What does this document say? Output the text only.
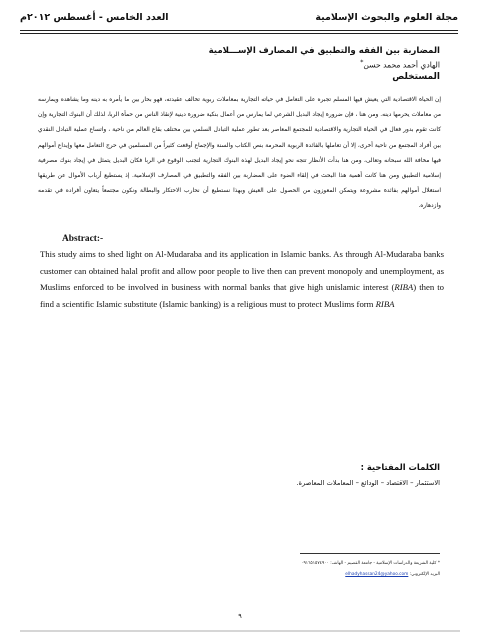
مجلة العلوم والبحوث الإسلامية
العدد الخامس - أغسطس ٢٠١٢م
المضاربة بين الفقه والتطبيق في المصارف الإســـلامية
الهادي أحمد محمد حسن*
المستخلص
إن الحياة الاقتصادية التي يعيش فيها المسلم تجبره على التعامل في حياته التجارية بمعاملات ربوية تخالف عقيدته، فهو بحار بين ما يأمره به دينه وما يشاهده ويمارسه من معاملات يحرمها دينه. ومن هنا ، فإن ضرورة إيجاد البديل الشرعي لما يمارس من أعمال بنكية ضرورة دينية لإنقاذ الناس من حمأة الربا، لذلك أن البنوك التجارية وإن كانت تقوم بدور فعال في الحياة التجارية والاقتصادية للمجتمع المعاصر بعد تطور عملية التبادل السلمي بين مختلف بقاع العالم من ناحية ، واتساع عملية التبادل النقدي بين أفراد المجتمع من ناحية أخرى، إلا أن تعاملها بالفائدة الربوية المحرمة بنص الكتاب والسنة والإجماع أوقعت كثيراً من المسلمين في حرج التعامل معها وإيداع أموالهم فيها مخافة الله سبحانه وتعالى، ومن هنا بدأت الأنظار تتجه نحو إيجاد البديل لهذه البنوك التجارية لتجنب الوقوع في الربا فكان البديل يتمثل في إيجاد بنوك مصرفية إسلامية التطبيق ومن هنا كانت أهمية هذا البحث في إلقاء الضوء على المضاربة بين الفقه والتطبيق في المصارف الإسلامية. إذ يستطيع أرباب الأموال عن طريقها استغلال أموالهم بفائدة مشروعة ويتمكن المعوزون من الحصول على العيش وبهذا نستطيع أن نحارب الاحتكار والبطالة ونكون مجتمعاً يتعاون أفراده في تقدمه وازدهاره.
Abstract:-
This study aims to shed light on Al-Mudaraba and its application in Islamic banks. As through Al-Mudaraba banks customer can obtained halal profit and allow poor people to live then can prevent monopoly and unemployment, as Muslims enforced to be involved in business with normal banks that give high unislamic interest (RIBA) then to find a scientific Islamic substitute (Islamic banking) is a religious must to protect Muslims form RIBA
الكلمات المفتاحية :
الاستثمار – الاقتصاد – الودائع – المعاملات المعاصرة.
* كلية الشريعة والدراسات الإسلامية - جامعة القصيم - الهاتف: ٠٩١٦٥١٥٧٤٩٠٠
البريد الإلكتروني: elhadyhassan24@yahoo.com
٩
